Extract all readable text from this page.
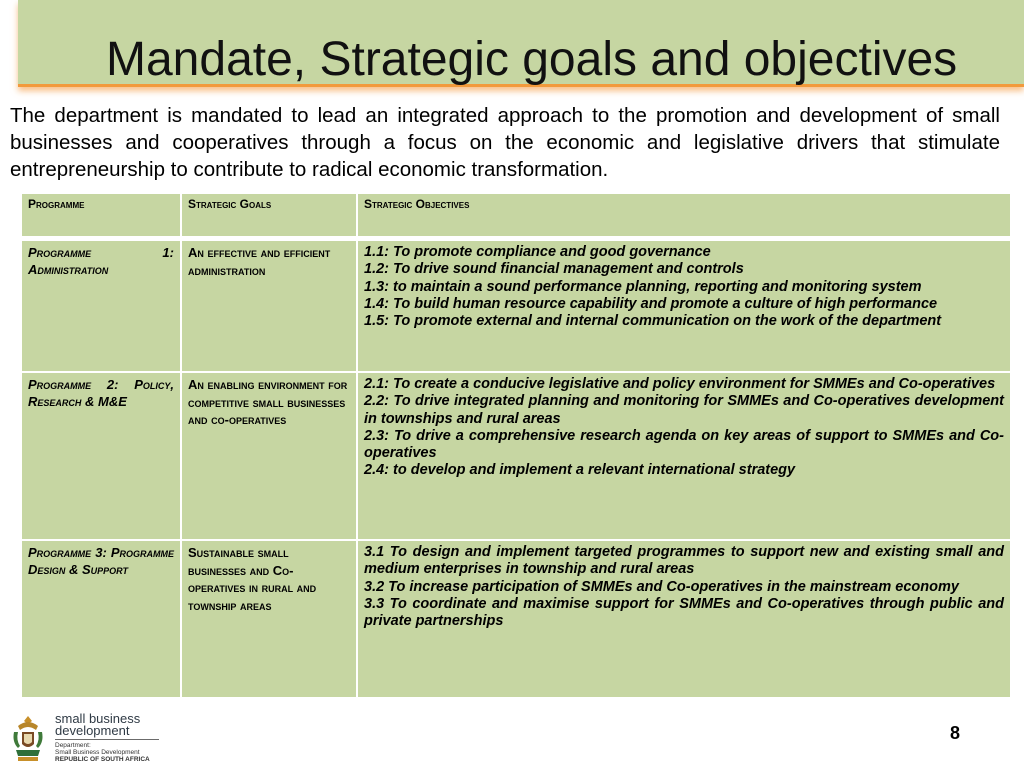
Mandate, Strategic goals and objectives

The department is mandated to lead an integrated approach to the promotion and development of small businesses and cooperatives through a focus on the economic and legislative drivers that stimulate entrepreneurship to contribute to radical economic transformation.

Programme	Strategic Goals	Strategic Objectives

Programme 1: Administration	An effective and efficient administration	1.1: To promote compliance and good governance
1.2: To drive sound financial management and controls
1.3: to maintain a sound performance planning, reporting and monitoring system
1.4: To build human resource capability and promote a culture of high performance
1.5: To promote external and internal communication on the work of the department

Programme 2: Policy, Research & M&E	An enabling environment for competitive small businesses and co-operatives	2.1: To create a conducive legislative and policy environment for SMMEs and Co-operatives
2.2: To drive integrated planning and monitoring for SMMEs and Co-operatives development in townships and rural areas
2.3: To drive a comprehensive research agenda on key areas of support to SMMEs and Co-operatives
2.4: to develop and implement a relevant international strategy

Programme 3: Programme Design & Support	Sustainable small businesses and Co-operatives in rural and township areas	3.1 To design and implement targeted programmes to support new and existing small and medium enterprises in township and rural areas
3.2 To increase participation of SMMEs and Co-operatives in the mainstream economy
3.3 To coordinate and maximise support for SMMEs and Co-operatives through public and private partnerships
small business
development
Department:
Small Business Development
REPUBLIC OF SOUTH AFRICA
8
